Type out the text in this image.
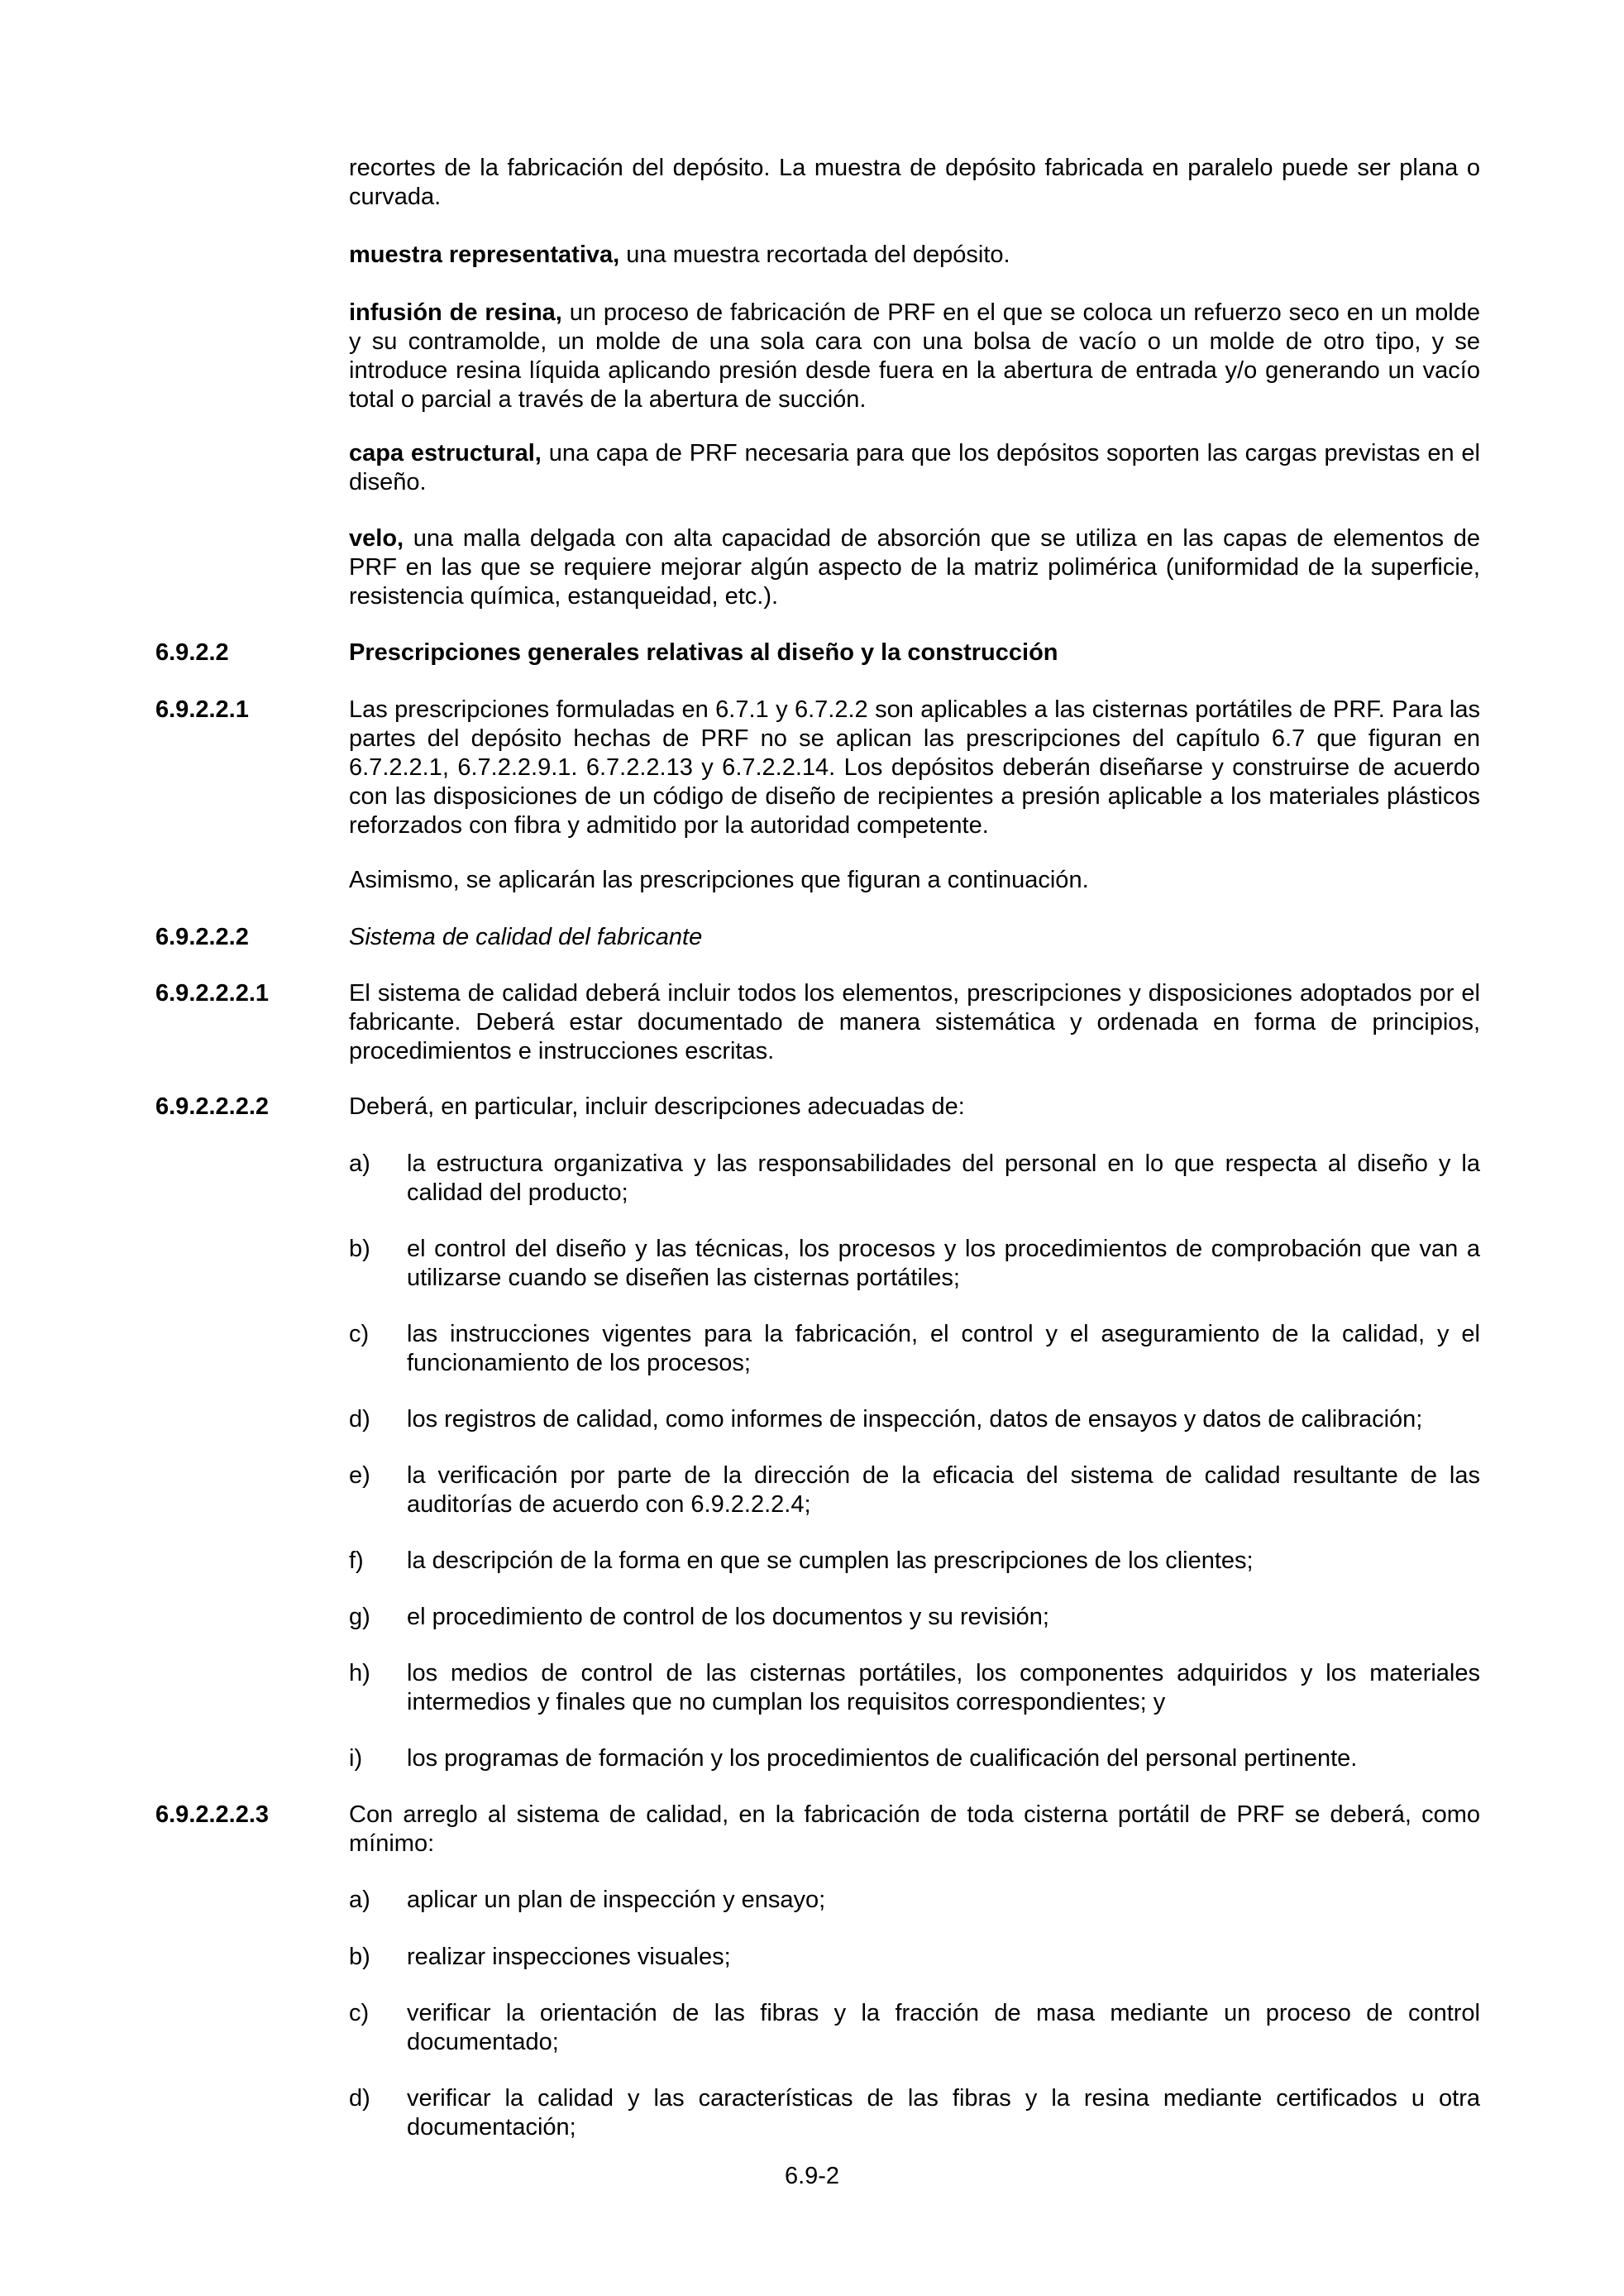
recortes de la fabricación del depósito. La muestra de depósito fabricada en paralelo puede ser plana o curvada.
muestra representativa, una muestra recortada del depósito.
infusión de resina, un proceso de fabricación de PRF en el que se coloca un refuerzo seco en un molde y su contramolde, un molde de una sola cara con una bolsa de vacío o un molde de otro tipo, y se introduce resina líquida aplicando presión desde fuera en la abertura de entrada y/o generando un vacío total o parcial a través de la abertura de succión.
capa estructural, una capa de PRF necesaria para que los depósitos soporten las cargas previstas en el diseño.
velo, una malla delgada con alta capacidad de absorción que se utiliza en las capas de elementos de PRF en las que se requiere mejorar algún aspecto de la matriz polimérica (uniformidad de la superficie, resistencia química, estanqueidad, etc.).
6.9.2.2	Prescripciones generales relativas al diseño y la construcción
6.9.2.2.1	Las prescripciones formuladas en 6.7.1 y 6.7.2.2 son aplicables a las cisternas portátiles de PRF. Para las partes del depósito hechas de PRF no se aplican las prescripciones del capítulo 6.7 que figuran en 6.7.2.2.1, 6.7.2.2.9.1. 6.7.2.2.13 y 6.7.2.2.14. Los depósitos deberán diseñarse y construirse de acuerdo con las disposiciones de un código de diseño de recipientes a presión aplicable a los materiales plásticos reforzados con fibra y admitido por la autoridad competente.
Asimismo, se aplicarán las prescripciones que figuran a continuación.
6.9.2.2.2	Sistema de calidad del fabricante
6.9.2.2.2.1	El sistema de calidad deberá incluir todos los elementos, prescripciones y disposiciones adoptados por el fabricante. Deberá estar documentado de manera sistemática y ordenada en forma de principios, procedimientos e instrucciones escritas.
6.9.2.2.2.2	Deberá, en particular, incluir descripciones adecuadas de:
a) la estructura organizativa y las responsabilidades del personal en lo que respecta al diseño y la calidad del producto;
b) el control del diseño y las técnicas, los procesos y los procedimientos de comprobación que van a utilizarse cuando se diseñen las cisternas portátiles;
c) las instrucciones vigentes para la fabricación, el control y el aseguramiento de la calidad, y el funcionamiento de los procesos;
d) los registros de calidad, como informes de inspección, datos de ensayos y datos de calibración;
e) la verificación por parte de la dirección de la eficacia del sistema de calidad resultante de las auditorías de acuerdo con 6.9.2.2.2.4;
f) la descripción de la forma en que se cumplen las prescripciones de los clientes;
g) el procedimiento de control de los documentos y su revisión;
h) los medios de control de las cisternas portátiles, los componentes adquiridos y los materiales intermedios y finales que no cumplan los requisitos correspondientes; y
i) los programas de formación y los procedimientos de cualificación del personal pertinente.
6.9.2.2.2.3	Con arreglo al sistema de calidad, en la fabricación de toda cisterna portátil de PRF se deberá, como mínimo:
a) aplicar un plan de inspección y ensayo;
b) realizar inspecciones visuales;
c) verificar la orientación de las fibras y la fracción de masa mediante un proceso de control documentado;
d) verificar la calidad y las características de las fibras y la resina mediante certificados u otra documentación;
6.9-2
